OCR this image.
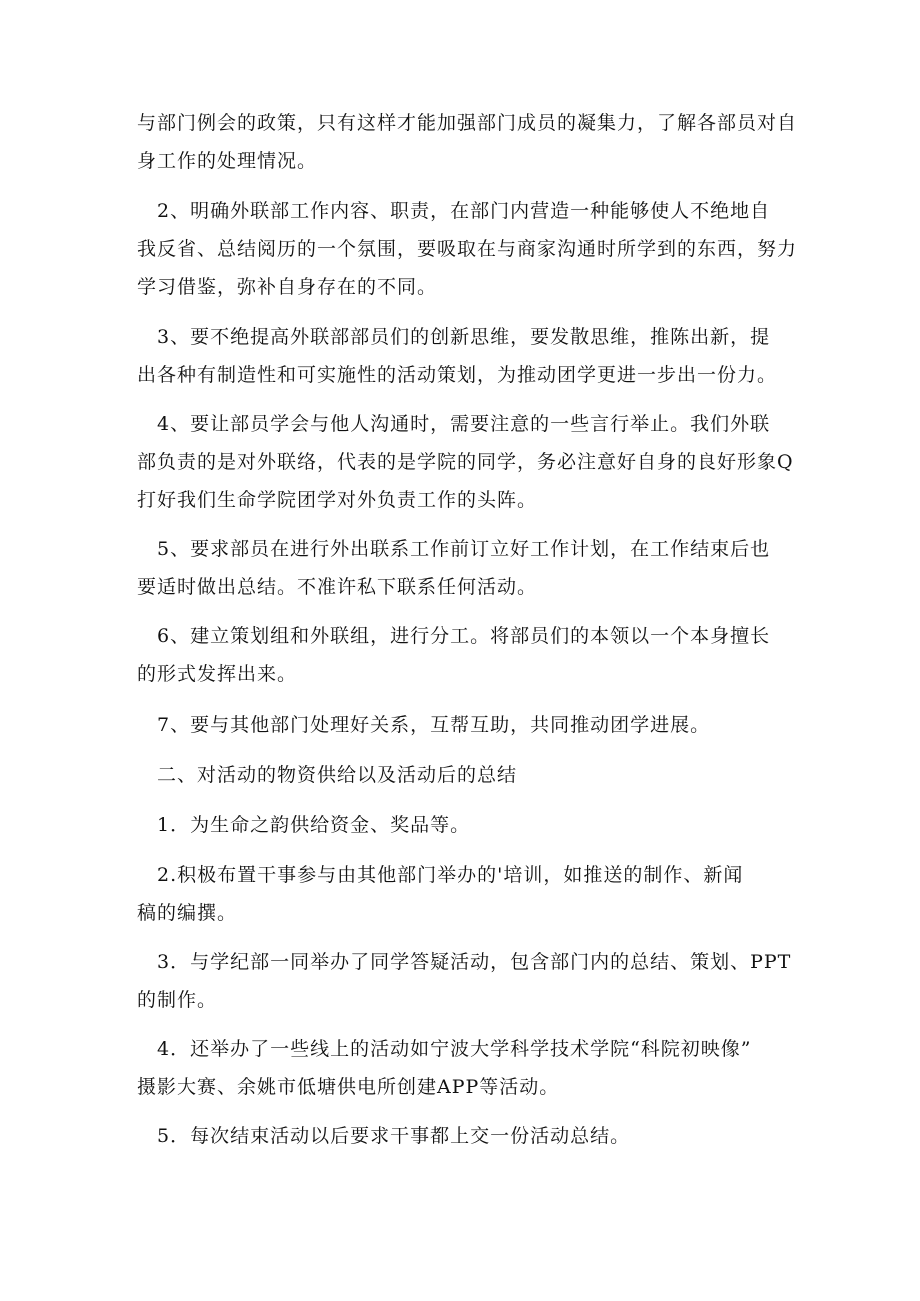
与部门例会的政策，只有这样才能加强部门成员的凝集力，了解各部员对自
身工作的处理情况。
　2、明确外联部工作内容、职责，在部门内营造一种能够使人不绝地自
我反省、总结阅历的一个氛围，要吸取在与商家沟通时所学到的东西，努力
学习借鉴，弥补自身存在的不同。
　3、要不绝提高外联部部员们的创新思维，要发散思维，推陈出新，提
出各种有制造性和可实施性的活动策划，为推动团学更进一步出一份力。
　4、要让部员学会与他人沟通时，需要注意的一些言行举止。我们外联
部负责的是对外联络，代表的是学院的同学，务必注意好自身的良好形象Q
打好我们生命学院团学对外负责工作的头阵。
　5、要求部员在进行外出联系工作前订立好工作计划，在工作结束后也
要适时做出总结。不准许私下联系任何活动。
　6、建立策划组和外联组，进行分工。将部员们的本领以一个本身擅长
的形式发挥出来。
　7、要与其他部门处理好关系，互帮互助，共同推动团学进展。
　二、对活动的物资供给以及活动后的总结
　1．为生命之韵供给资金、奖品等。
　2.积极布置干事参与由其他部门举办的'培训，如推送的制作、新闻
稿的编撰。
　3．与学纪部一同举办了同学答疑活动，包含部门内的总结、策划、PPT
的制作。
　4．还举办了一些线上的活动如宁波大学科学技术学院“科院初映像”
摄影大赛、余姚市低塘供电所创建APP等活动。
　5．每次结束活动以后要求干事都上交一份活动总结。
